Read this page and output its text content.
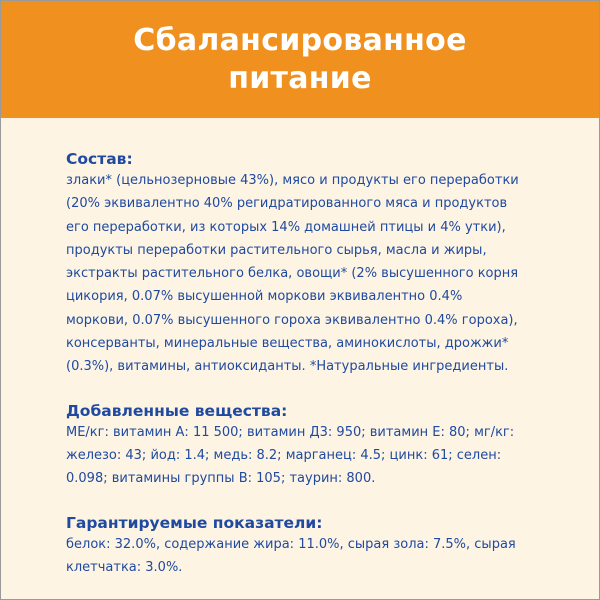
Сбалансированное
питание

Состав:

злаки* (цельнозерновые 43%), мясо и продукты его переработки
(20% эквивалентно 40% регидратированного мяса и продуктов
его переработки, из которых 14% домашней птицы и 4% утки),
продукты переработки растительного сырья, масла и жиры,
экстракты растительного белка, овощи* (2% высушенного корня
цикория, 0.07% высушенной моркови эквивалентно 0.4%
моркови, 0.07% высушенного гороха эквивалентно 0.4% гороха),
консерванты, минеральные вещества, аминокислоты, дрожжи*
(0.3%), витамины, антиоксиданты. *Натуральные ингредиенты.

Добавленные вещества:

МЕ/кг: витамин А: 11 500; витамин Д3: 950; витамин Е: 80; мг/кг:
железо: 43; йод: 1.4; медь: 8.2; марганец: 4.5; цинк: 61; селен:
0.098; витамины группы В: 105; таурин: 800.

Гарантируемые показатели:

белок: 32.0%, содержание жира: 11.0%, сырая зола: 7.5%, сырая
клетчатка: 3.0%.
